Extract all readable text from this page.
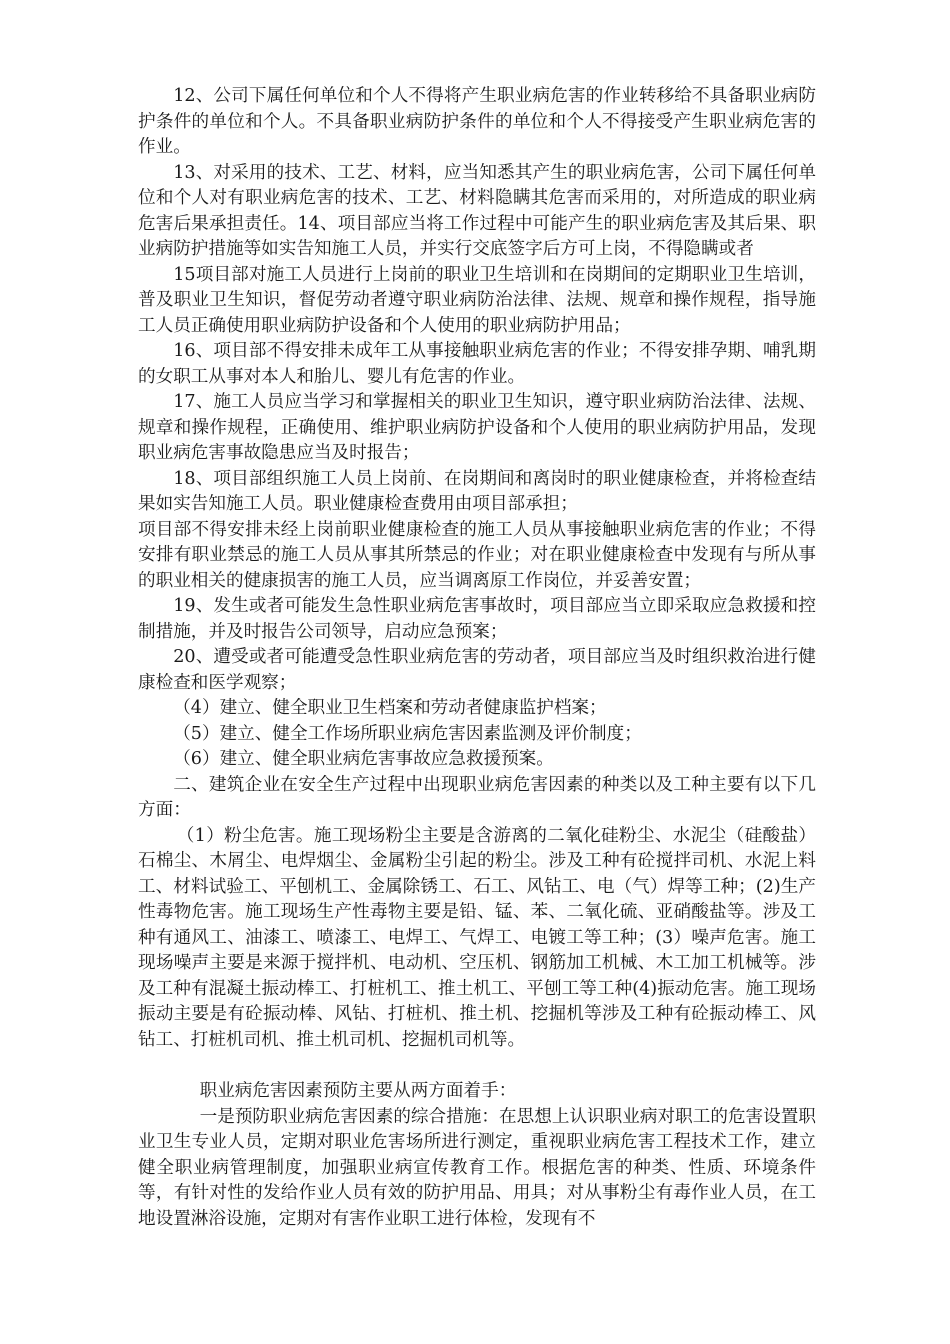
12、公司下属任何单位和个人不得将产生职业病危害的作业转移给不具备职业病防护条件的单位和个人。不具备职业病防护条件的单位和个人不得接受产生职业病危害的作业。

13、对采用的技术、工艺、材料，应当知悉其产生的职业病危害，公司下属任何单位和个人对有职业病危害的技术、工艺、材料隐瞒其危害而采用的，对所造成的职业病危害后果承担责任。14、项目部应当将工作过程中可能产生的职业病危害及其后果、职业病防护措施等如实告知施工人员，并实行交底签字后方可上岗，不得隐瞒或者

15项目部对施工人员进行上岗前的职业卫生培训和在岗期间的定期职业卫生培训，普及职业卫生知识，督促劳动者遵守职业病防治法律、法规、规章和操作规程，指导施工人员正确使用职业病防护设备和个人使用的职业病防护用品；

16、项目部不得安排未成年工从事接触职业病危害的作业；不得安排孕期、哺乳期的女职工从事对本人和胎儿、婴儿有危害的作业。

17、施工人员应当学习和掌握相关的职业卫生知识，遵守职业病防治法律、法规、规章和操作规程，正确使用、维护职业病防护设备和个人使用的职业病防护用品，发现职业病危害事故隐患应当及时报告；

18、项目部组织施工人员上岗前、在岗期间和离岗时的职业健康检查，并将检查结果如实告知施工人员。职业健康检查费用由项目部承担；

项目部不得安排未经上岗前职业健康检查的施工人员从事接触职业病危害的作业；不得安排有职业禁忌的施工人员从事其所禁忌的作业；对在职业健康检查中发现有与所从事的职业相关的健康损害的施工人员，应当调离原工作岗位，并妥善安置；

19、发生或者可能发生急性职业病危害事故时，项目部应当立即采取应急救援和控制措施，并及时报告公司领导，启动应急预案；

20、遭受或者可能遭受急性职业病危害的劳动者，项目部应当及时组织救治进行健康检查和医学观察；

（4）建立、健全职业卫生档案和劳动者健康监护档案；

（5）建立、健全工作场所职业病危害因素监测及评价制度；

（6）建立、健全职业病危害事故应急救援预案。

二、建筑企业在安全生产过程中出现职业病危害因素的种类以及工种主要有以下几方面：

（1）粉尘危害。施工现场粉尘主要是含游离的二氧化硅粉尘、水泥尘（硅酸盐）石棉尘、木屑尘、电焊烟尘、金属粉尘引起的粉尘。涉及工种有砼搅拌司机、水泥上料工、材料试验工、平刨机工、金属除锈工、石工、风钻工、电（气）焊等工种；(2)生产性毒物危害。施工现场生产性毒物主要是铅、锰、苯、二氧化硫、亚硝酸盐等。涉及工种有通风工、油漆工、喷漆工、电焊工、气焊工、电镀工等工种；(3）噪声危害。施工现场噪声主要是来源于搅拌机、电动机、空压机、钢筋加工机械、木工加工机械等。涉及工种有混凝土振动棒工、打桩机工、推土机工、平刨工等工种(4)振动危害。施工现场振动主要是有砼振动棒、风钻、打桩机、推土机、挖掘机等涉及工种有砼振动棒工、风钻工、打桩机司机、推土机司机、挖掘机司机等。

职业病危害因素预防主要从两方面着手：

一是预防职业病危害因素的综合措施：在思想上认识职业病对职工的危害设置职业卫生专业人员，定期对职业危害场所进行测定，重视职业病危害工程技术工作，建立健全职业病管理制度，加强职业病宣传教育工作。根据危害的种类、性质、环境条件等，有针对性的发给作业人员有效的防护用品、用具；对从事粉尘有毒作业人员，在工地设置淋浴设施，定期对有害作业职工进行体检，发现有不
